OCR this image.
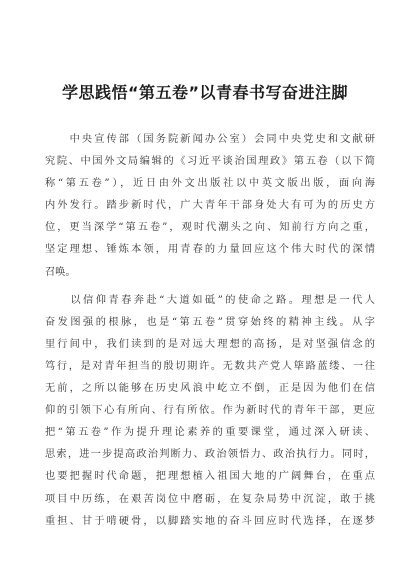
学思践悟“第五卷”以青春书写奋进注脚
　　中央宣传部（国务院新闻办公室）会同中央党史和文献研
究院、中国外文局编辑的《习近平谈治国理政》第五卷（以下简
称“第五卷”），近日由外文出版社以中英文版出版，面向海
内外发行。踏步新时代，广大青年干部身处大有可为的历史方
位，更当深学“第五卷”，观时代潮头之向、知前行方向之重，
坚定理想、锤炼本领，用青春的力量回应这个伟大时代的深情
召唤。
　　以信仰青春奔赴“大道如砥”的使命之路。理想是一代人
奋发图强的根脉，也是“第五卷”贯穿始终的精神主线。从字
里行间中，我们读到的是对远大理想的高扬，是对坚强信念的
笃行，是对青年担当的殷切期许。无数共产党人筚路蓝缕、一往
无前，之所以能够在历史风浪中屹立不倒，正是因为他们在信
仰的引领下心有所向、行有所依。作为新时代的青年干部，更应
把“第五卷”作为提升理论素养的重要课堂，通过深入研读、
思索，进一步提高政治判断力、政治领悟力、政治执行力。同时，
也要把握时代命题，把理想植入祖国大地的广阔舞台，在重点
项目中历练，在艰苦岗位中磨砺，在复杂局势中沉淀，敢于挑
重担、甘于啃硬骨，以脚踏实地的奋斗回应时代选择，在逐梦
